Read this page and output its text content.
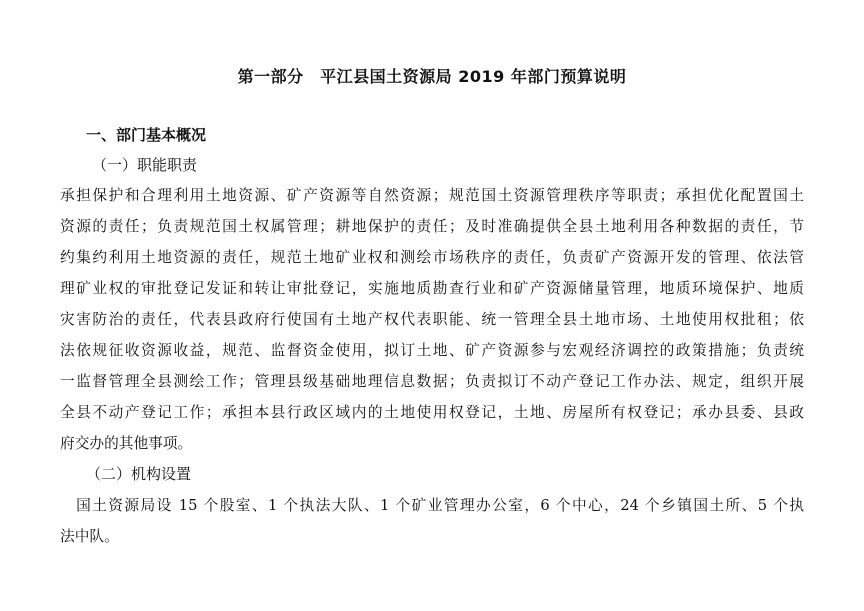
第一部分　平江县国土资源局 2019 年部门预算说明
一、部门基本概况
（一）职能职责
承担保护和合理利用土地资源、矿产资源等自然资源；规范国土资源管理秩序等职责；承担优化配置国土
资源的责任；负责规范国土权属管理；耕地保护的责任；及时准确提供全县土地利用各种数据的责任，节
约集约利用土地资源的责任，规范土地矿业权和测绘市场秩序的责任，负责矿产资源开发的管理、依法管
理矿业权的审批登记发证和转让审批登记，实施地质勘查行业和矿产资源储量管理，地质环境保护、地质
灾害防治的责任，代表县政府行使国有土地产权代表职能、统一管理全县土地市场、土地使用权批租；依
法依规征收资源收益，规范、监督资金使用，拟订土地、矿产资源参与宏观经济调控的政策措施；负责统
一监督管理全县测绘工作；管理县级基础地理信息数据；负责拟订不动产登记工作办法、规定，组织开展
全县不动产登记工作；承担本县行政区域内的土地使用权登记，土地、房屋所有权登记；承办县委、县政
府交办的其他事项。
（二）机构设置
　国土资源局设 15 个股室、1 个执法大队、1 个矿业管理办公室，6 个中心，24 个乡镇国土所、5 个执
法中队。
